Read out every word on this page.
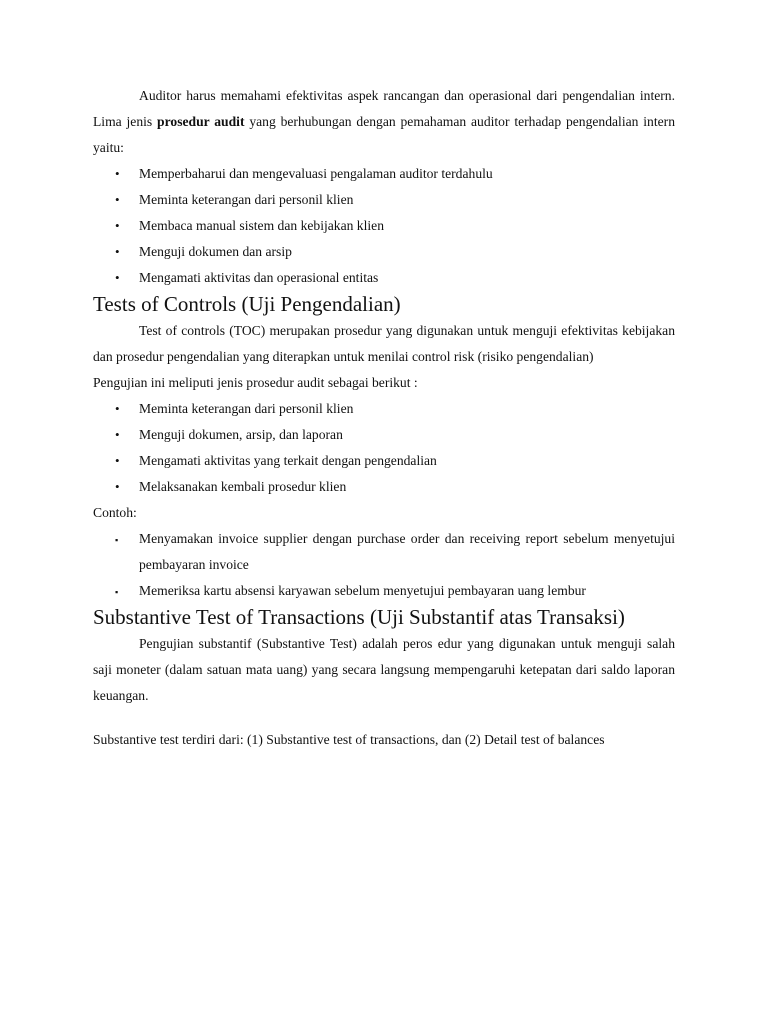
Auditor harus memahami efektivitas aspek rancangan dan operasional dari pengendalian intern. Lima jenis prosedur audit yang berhubungan dengan pemahaman auditor terhadap pengendalian intern yaitu:

• Memperbaharui dan mengevaluasi pengalaman auditor terdahulu
• Meminta keterangan dari personil klien
• Membaca manual sistem dan kebijakan klien
• Menguji dokumen dan arsip
• Mengamati aktivitas dan operasional entitas
Tests of Controls (Uji Pengendalian)

Test of controls (TOC) merupakan prosedur yang digunakan untuk menguji efektivitas kebijakan dan prosedur pengendalian yang diterapkan untuk menilai control risk (risiko pengendalian)

Pengujian ini meliputi jenis prosedur audit sebagai berikut :

• Meminta keterangan dari personil klien
• Menguji dokumen, arsip, dan laporan
• Mengamati aktivitas yang terkait dengan pengendalian
• Melaksanakan kembali prosedur klien

Contoh:

▪ Menyamakan invoice supplier dengan purchase order dan receiving report sebelum menyetujui pembayaran invoice
▪ Memeriksa kartu absensi karyawan sebelum menyetujui pembayaran uang lembur
Substantive Test of Transactions (Uji Substantif atas Transaksi)

Pengujian substantif (Substantive Test) adalah peros edur yang digunakan untuk menguji salah saji moneter (dalam satuan mata uang) yang secara langsung mempengaruhi ketepatan dari saldo laporan keuangan.

Substantive test terdiri dari: (1) Substantive test of transactions, dan (2) Detail test of balances
